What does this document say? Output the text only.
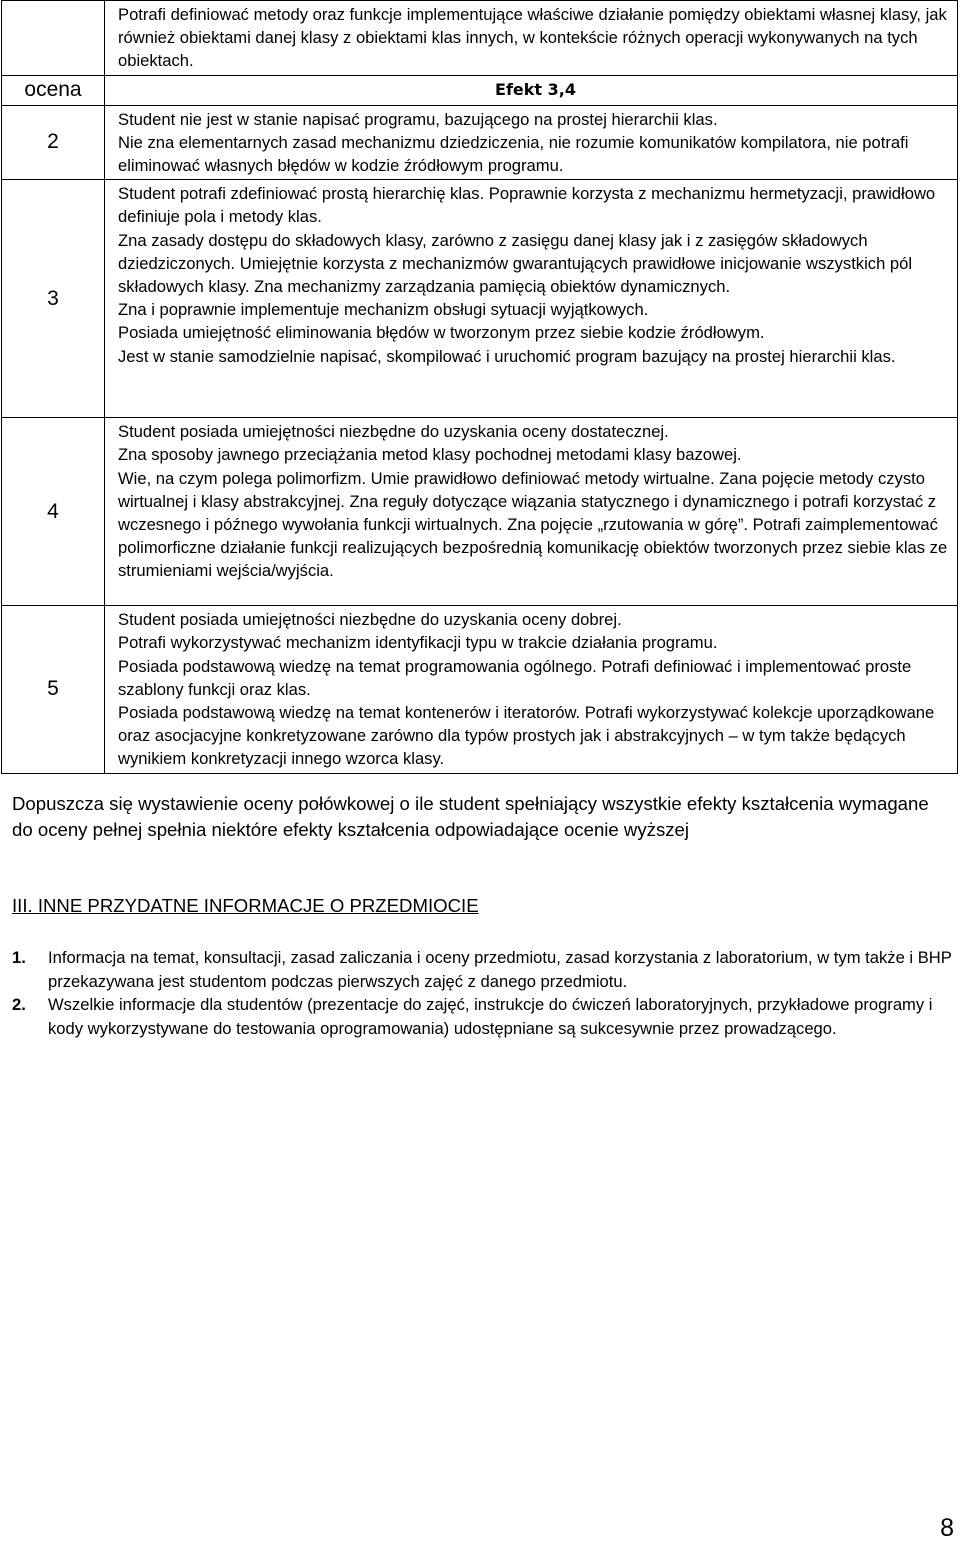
	Potrafi definiować metody oraz funkcje implementujące właściwe działanie pomiędzy obiektami własnej klasy, jak również obiektami danej klasy z obiektami klas innych, w kontekście różnych operacji wykonywanych na tych obiektach.

ocena	Efekt 3,4

2	Student nie jest w stanie napisać programu, bazującego na prostej hierarchii klas.

Nie zna elementarnych zasad mechanizmu dziedziczenia, nie rozumie komunikatów kompilatora, nie potrafi eliminować własnych błędów w kodzie źródłowym programu.

3	Student potrafi zdefiniować prostą hierarchię klas. Poprawnie korzysta z mechanizmu hermetyzacji, prawidłowo definiuje pola i metody klas.

Zna zasady dostępu do składowych klasy, zarówno z zasięgu danej klasy jak i z zasięgów składowych dziedziczonych. Umiejętnie korzysta z mechanizmów gwarantujących prawidłowe inicjowanie wszystkich pól składowych klasy. Zna mechanizmy zarządzania pamięcią obiektów dynamicznych.

Zna i poprawnie implementuje mechanizm obsługi sytuacji wyjątkowych.

Posiada umiejętność eliminowania błędów w tworzonym przez siebie kodzie źródłowym.

Jest w stanie samodzielnie napisać, skompilować i uruchomić program bazujący na prostej hierarchii klas.

4	Student posiada umiejętności niezbędne do uzyskania oceny dostatecznej.

Zna sposoby jawnego przeciążania metod klasy pochodnej metodami klasy bazowej.

Wie, na czym polega polimorfizm. Umie prawidłowo definiować metody wirtualne. Zana pojęcie metody czysto wirtualnej i klasy abstrakcyjnej. Zna reguły dotyczące wiązania statycznego i dynamicznego i potrafi korzystać z wczesnego i późnego wywołania funkcji wirtualnych. Zna pojęcie „rzutowania w górę”. Potrafi zaimplementować polimorficzne działanie funkcji realizujących bezpośrednią komunikację obiektów tworzonych przez siebie klas ze strumieniami wejścia/wyjścia.

5	Student posiada umiejętności niezbędne do uzyskania oceny dobrej.

Potrafi wykorzystywać mechanizm identyfikacji typu w trakcie działania programu.

Posiada podstawową wiedzę na temat programowania ogólnego. Potrafi definiować i implementować proste szablony funkcji oraz klas.

Posiada podstawową wiedzę na temat kontenerów i iteratorów. Potrafi wykorzystywać kolekcje uporządkowane oraz asocjacyjne konkretyzowane zarówno dla typów prostych jak i abstrakcyjnych – w tym także będących wynikiem konkretyzacji innego wzorca klasy.

Dopuszcza się wystawienie oceny połówkowej o ile student spełniający wszystkie efekty kształcenia wymagane do oceny pełnej spełnia niektóre efekty kształcenia odpowiadające ocenie wyższej

III. INNE PRZYDATNE INFORMACJE O PRZEDMIOCIE

1. Informacja na temat, konsultacji, zasad zaliczania i oceny przedmiotu, zasad korzystania z laboratorium, w tym także i BHP przekazywana jest studentom podczas pierwszych zajęć z danego przedmiotu.
2. Wszelkie informacje dla studentów (prezentacje do zajęć, instrukcje do ćwiczeń laboratoryjnych, przykładowe programy i kody wykorzystywane do testowania oprogramowania) udostępniane są sukcesywnie przez prowadzącego.
8
